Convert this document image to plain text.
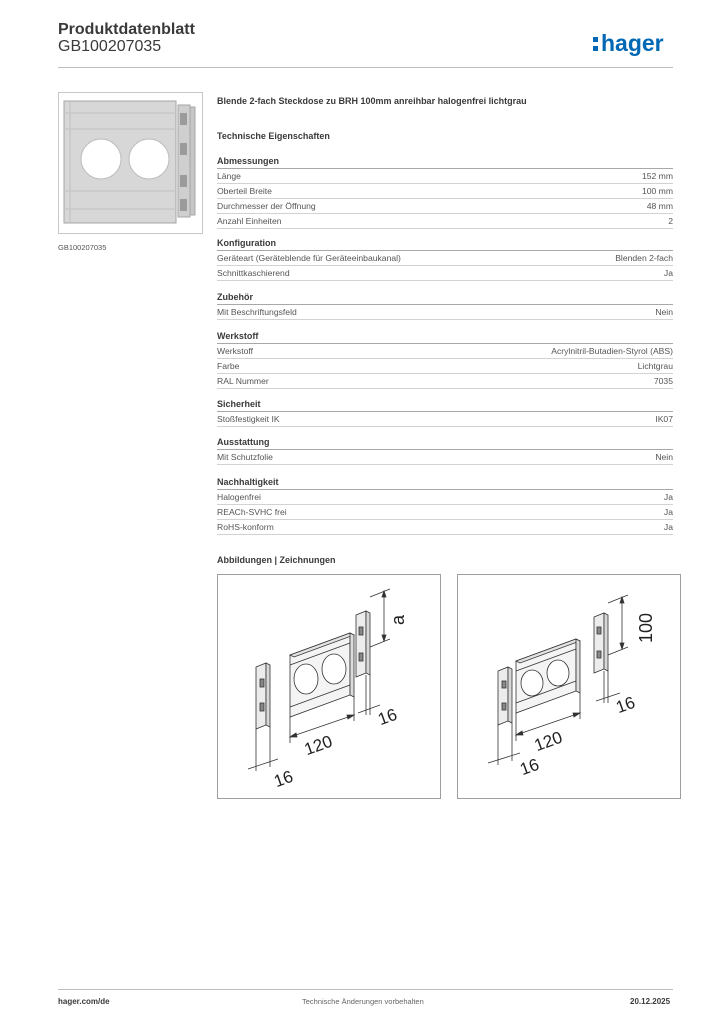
Produktdatenblatt
GB100207035	hager
GB100207035
Blende 2-fach Steckdose zu BRH 100mm anreihbar halogenfrei lichtgrau
Technische Eigenschaften
Abmessungen
Länge	152 mm
Oberteil Breite	100 mm
Durchmesser der Öffnung	48 mm
Anzahl Einheiten	2
Konfiguration
Geräteart (Geräteblende für Geräteeinbaukanal)	Blenden 2-fach
Schnittkaschierend	Ja
Zubehör
Mit Beschriftungsfeld	Nein
Werkstoff
Werkstoff	Acrylnitril-Butadien-Styrol (ABS)
Farbe	Lichtgrau
RAL Nummer	7035
Sicherheit
Stoßfestigkeit IK	IK07
Ausstattung
Mit Schutzfolie	Nein
Nachhaltigkeit
Halogenfrei	Ja
REACh-SVHC frei	Ja
RoHS-konform	Ja
Abbildungen | Zeichnungen
a
120
16
16
100
120
16
16
hager.com/de	Technische Änderungen vorbehalten	20.12.2025
